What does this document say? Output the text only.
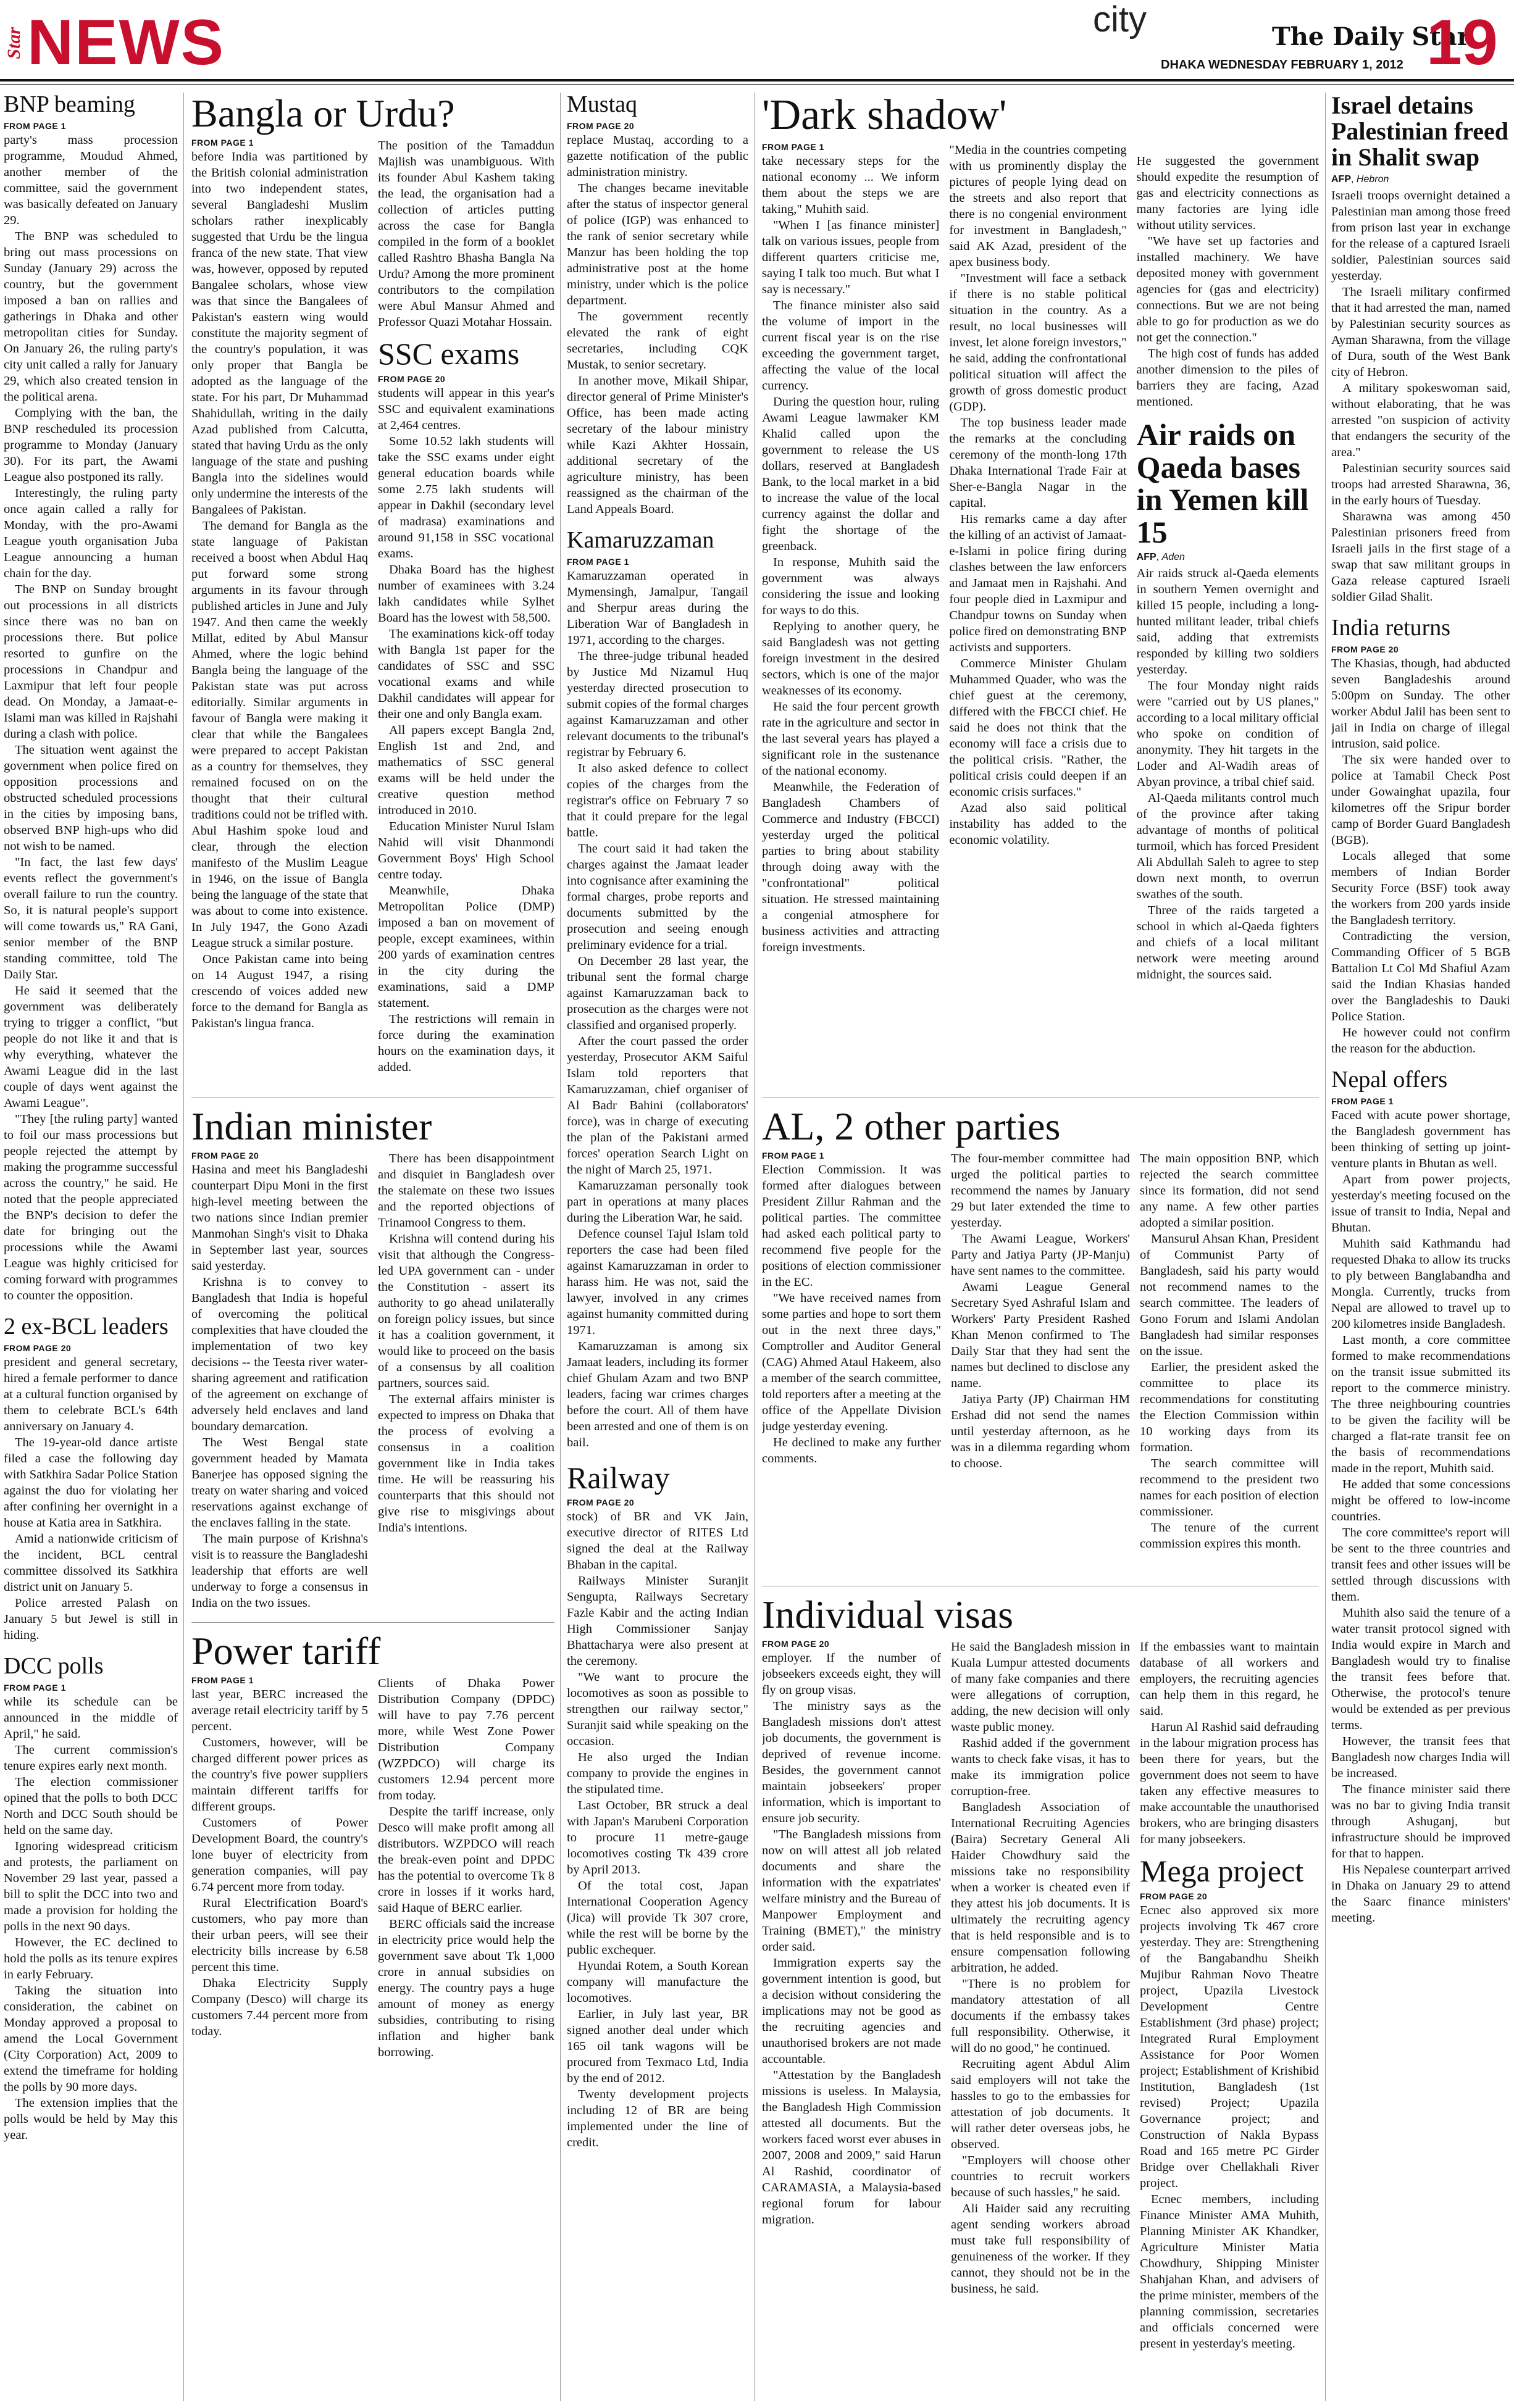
Star NEWS	city	The Daily Star
DHAKA WEDNESDAY FEBRUARY 1, 2012 19
BNP beaming
FROM PAGE 1

party's mass procession programme, Moudud Ahmed, another member of the committee, said the government was basically defeated on January 29.

The BNP was scheduled to bring out mass processions on Sunday (January 29) across the country, but the government imposed a ban on rallies and gatherings in Dhaka and other metropolitan cities for Sunday. On January 26, the ruling party's city unit called a rally for January 29, which also created tension in the political arena.

Complying with the ban, the BNP rescheduled its procession programme to Monday (January 30). For its part, the Awami League also postponed its rally.

Interestingly, the ruling party once again called a rally for Monday, with the pro-Awami League youth organisation Juba League announcing a human chain for the day.

The BNP on Sunday brought out processions in all districts since there was no ban on processions there. But police resorted to gunfire on the processions in Chandpur and Laxmipur that left four people dead. On Monday, a Jamaat-e-Islami man was killed in Rajshahi during a clash with police.

The situation went against the government when police fired on opposition processions and obstructed scheduled processions in the cities by imposing bans, observed BNP high-ups who did not wish to be named.

"In fact, the last few days' events reflect the government's overall failure to run the country. So, it is natural people's support will come towards us," RA Gani, senior member of the BNP standing committee, told The Daily Star.

He said it seemed that the government was deliberately trying to trigger a conflict, "but people do not like it and that is why everything, whatever the Awami League did in the last couple of days went against the Awami League".

"They [the ruling party] wanted to foil our mass processions but people rejected the attempt by making the programme successful across the country," he said. He noted that the people appreciated the BNP's decision to defer the date for bringing out the processions while the Awami League was highly criticised for coming forward with programmes to counter the opposition.

2 ex-BCL leaders
FROM PAGE 20

president and general secretary, hired a female performer to dance at a cultural function organised by them to celebrate BCL's 64th anniversary on January 4.

The 19-year-old dance artiste filed a case the following day with Satkhira Sadar Police Station against the duo for violating her after confining her overnight in a house at Katia area in Satkhira.

Amid a nationwide criticism of the incident, BCL central committee dissolved its Satkhira district unit on January 5.

Police arrested Palash on January 5 but Jewel is still in hiding.

DCC polls
FROM PAGE 1

while its schedule can be announced in the middle of April," he said.

The current commission's tenure expires early next month.

The election commissioner opined that the polls to both DCC North and DCC South should be held on the same day.

Ignoring widespread criticism and protests, the parliament on November 29 last year, passed a bill to split the DCC into two and made a provision for holding the polls in the next 90 days.

However, the EC declined to hold the polls as its tenure expires in early February.

Taking the situation into consideration, the cabinet on Monday approved a proposal to amend the Local Government (City Corporation) Act, 2009 to extend the timeframe for holding the polls by 90 more days.

The extension implies that the polls would be held by May this year.

Bangla or Urdu?
FROM PAGE 1

before India was partitioned by the British colonial administration into two independent states, several Bangladeshi Muslim scholars rather inexplicably suggested that Urdu be the lingua franca of the new state. That view was, however, opposed by reputed Bangalee scholars, whose view was that since the Bangalees of Pakistan's eastern wing would constitute the majority segment of the country's population, it was only proper that Bangla be adopted as the language of the state. For his part, Dr Muhammad Shahidullah, writing in the daily Azad published from Calcutta, stated that having Urdu as the only language of the state and pushing Bangla into the sidelines would only undermine the interests of the Bangalees of Pakistan.

The demand for Bangla as the state language of Pakistan received a boost when Abdul Haq put forward some strong arguments in its favour through published articles in June and July 1947. And then came the weekly Millat, edited by Abul Mansur Ahmed, where the logic behind Bangla being the language of the Pakistan state was put across editorially. Similar arguments in favour of Bangla were making it clear that while the Bangalees were prepared to accept Pakistan as a country for themselves, they remained focused on on the thought that their cultural traditions could not be trifled with. Abul Hashim spoke loud and clear, through the election manifesto of the Muslim League in 1946, on the issue of Bangla being the language of the state that was about to come into existence. In July 1947, the Gono Azadi League struck a similar posture.

Once Pakistan came into being on 14 August 1947, a rising crescendo of voices added new force to the demand for Bangla as Pakistan's lingua franca.

The position of the Tamaddun Majlish was unambiguous. With its founder Abul Kashem taking the lead, the organisation had a collection of articles putting across the case for Bangla compiled in the form of a booklet called Rashtro Bhasha Bangla Na Urdu? Among the more prominent contributors to the compilation were Abul Mansur Ahmed and Professor Quazi Motahar Hossain.

SSC exams
FROM PAGE 20

students will appear in this year's SSC and equivalent examinations at 2,464 centres.

Some 10.52 lakh students will take the SSC exams under eight general education boards while some 2.75 lakh students will appear in Dakhil (secondary level of madrasa) examinations and around 91,158 in SSC vocational exams.

Dhaka Board has the highest number of examinees with 3.24 lakh candidates while Sylhet Board has the lowest with 58,500.

The examinations kick-off today with Bangla 1st paper for the candidates of SSC and SSC vocational exams and while Dakhil candidates will appear for their one and only Bangla exam.

All papers except Bangla 2nd, English 1st and 2nd, and mathematics of SSC general exams will be held under the creative question method introduced in 2010.

Education Minister Nurul Islam Nahid will visit Dhanmondi Government Boys' High School centre today.

Meanwhile, Dhaka Metropolitan Police (DMP) imposed a ban on movement of people, except examinees, within 200 yards of examination centres in the city during the examinations, said a DMP statement.

The restrictions will remain in force during the examination hours on the examination days, it added.

Indian minister
FROM PAGE 20

Hasina and meet his Bangladeshi counterpart Dipu Moni in the first high-level meeting between the two nations since Indian premier Manmohan Singh's visit to Dhaka in September last year, sources said yesterday.

Krishna is to convey to Bangladesh that India is hopeful of overcoming the political complexities that have clouded the implementation of two key decisions -- the Teesta river water-sharing agreement and ratification of the agreement on exchange of adversely held enclaves and land boundary demarcation.

The West Bengal state government headed by Mamata Banerjee has opposed signing the treaty on water sharing and voiced reservations against exchange of the enclaves falling in the state.

The main purpose of Krishna's visit is to reassure the Bangladeshi leadership that efforts are well underway to forge a consensus in India on the two issues.

There has been disappointment and disquiet in Bangladesh over the stalemate on these two issues and the reported objections of Trinamool Congress to them.

Krishna will contend during his visit that although the Congress-led UPA government can - under the Constitution - assert its authority to go ahead unilaterally on foreign policy issues, but since it has a coalition government, it would like to proceed on the basis of a consensus by all coalition partners, sources said.

The external affairs minister is expected to impress on Dhaka that the process of evolving a consensus in a coalition government like in India takes time. He will be reassuring his counterparts that this should not give rise to misgivings about India's intentions.

Power tariff
FROM PAGE 1

last year, BERC increased the average retail electricity tariff by 5 percent.

Customers, however, will be charged different power prices as the country's five power suppliers maintain different tariffs for different groups.

Customers of Power Development Board, the country's lone buyer of electricity from generation companies, will pay 6.74 percent more from today.

Rural Electrification Board's customers, who pay more than their urban peers, will see their electricity bills increase by 6.58 percent this time.

Dhaka Electricity Supply Company (Desco) will charge its customers 7.44 percent more from today.

Clients of Dhaka Power Distribution Company (DPDC) will have to pay 7.76 percent more, while West Zone Power Distribution Company (WZPDCO) will charge its customers 12.94 percent more from today.

Despite the tariff increase, only Desco will make profit among all distributors. WZPDCO will reach the break-even point and DPDC has the potential to overcome Tk 8 crore in losses if it works hard, said Haque of BERC earlier.

BERC officials said the increase in electricity price would help the government save about Tk 1,000 crore in annual subsidies on energy. The country pays a huge amount of money as energy subsidies, contributing to rising inflation and higher bank borrowing.

Mustaq
FROM PAGE 20

replace Mustaq, according to a gazette notification of the public administration ministry.

The changes became inevitable after the status of inspector general of police (IGP) was enhanced to the rank of senior secretary while Manzur has been holding the top administrative post at the home ministry, under which is the police department.

The government recently elevated the rank of eight secretaries, including CQK Mustak, to senior secretary.

In another move, Mikail Shipar, director general of Prime Minister's Office, has been made acting secretary of the labour ministry while Kazi Akhter Hossain, additional secretary of the agriculture ministry, has been reassigned as the chairman of the Land Appeals Board.

Kamaruzzaman
FROM PAGE 1

Kamaruzzaman operated in Mymensingh, Jamalpur, Tangail and Sherpur areas during the Liberation War of Bangladesh in 1971, according to the charges.

The three-judge tribunal headed by Justice Md Nizamul Huq yesterday directed prosecution to submit copies of the formal charges against Kamaruzzaman and other relevant documents to the tribunal's registrar by February 6.

It also asked defence to collect copies of the charges from the registrar's office on February 7 so that it could prepare for the legal battle.

The court said it had taken the charges against the Jamaat leader into cognisance after examining the formal charges, probe reports and documents submitted by the prosecution and seeing enough preliminary evidence for a trial.

On December 28 last year, the tribunal sent the formal charge against Kamaruzzaman back to prosecution as the charges were not classified and organised properly.

After the court passed the order yesterday, Prosecutor AKM Saiful Islam told reporters that Kamaruzzaman, chief organiser of Al Badr Bahini (collaborators' force), was in charge of executing the plan of the Pakistani armed forces' operation Search Light on the night of March 25, 1971.

Kamaruzzaman personally took part in operations at many places during the Liberation War, he said.

Defence counsel Tajul Islam told reporters the case had been filed against Kamaruzzaman in order to harass him. He was not, said the lawyer, involved in any crimes against humanity committed during 1971.

Kamaruzzaman is among six Jamaat leaders, including its former chief Ghulam Azam and two BNP leaders, facing war crimes charges before the court. All of them have been arrested and one of them is on bail.

Railway
FROM PAGE 20

stock) of BR and VK Jain, executive director of RITES Ltd signed the deal at the Railway Bhaban in the capital.

Railways Minister Suranjit Sengupta, Railways Secretary Fazle Kabir and the acting Indian High Commissioner Sanjay Bhattacharya were also present at the ceremony.

"We want to procure the locomotives as soon as possible to strengthen our railway sector," Suranjit said while speaking on the occasion.

He also urged the Indian company to provide the engines in the stipulated time.

Last October, BR struck a deal with Japan's Marubeni Corporation to procure 11 metre-gauge locomotives costing Tk 439 crore by April 2013.

Of the total cost, Japan International Cooperation Agency (Jica) will provide Tk 307 crore, while the rest will be borne by the public exchequer.

Hyundai Rotem, a South Korean company will manufacture the locomotives.

Earlier, in July last year, BR signed another deal under which 165 oil tank wagons will be procured from Texmaco Ltd, India by the end of 2012.

Twenty development projects including 12 of BR are being implemented under the line of credit.

'Dark shadow'
FROM PAGE 1

take necessary steps for the national economy ... We inform them about the steps we are taking," Muhith said.

"When I [as finance minister] talk on various issues, people from different quarters criticise me, saying I talk too much. But what I say is necessary."

The finance minister also said the volume of import in the current fiscal year is on the rise exceeding the government target, affecting the value of the local currency.

During the question hour, ruling Awami League lawmaker KM Khalid called upon the government to release the US dollars, reserved at Bangladesh Bank, to the local market in a bid to increase the value of the local currency against the dollar and fight the shortage of the greenback.

In response, Muhith said the government was always considering the issue and looking for ways to do this.

Replying to another query, he said Bangladesh was not getting foreign investment in the desired sectors, which is one of the major weaknesses of its economy.

He said the four percent growth rate in the agriculture and sector in the last several years has played a significant role in the sustenance of the national economy.

Meanwhile, the Federation of Bangladesh Chambers of Commerce and Industry (FBCCI) yesterday urged the political parties to bring about stability through doing away with the "confrontational" political situation. He stressed maintaining a congenial atmosphere for business activities and attracting foreign investments.

"Media in the countries competing with us prominently display the pictures of people lying dead on the streets and also report that there is no congenial environment for investment in Bangladesh," said AK Azad, president of the apex business body.

"Investment will face a setback if there is no stable political situation in the country. As a result, no local businesses will invest, let alone foreign investors," he said, adding the confrontational political situation will affect the growth of gross domestic product (GDP).

The top business leader made the remarks at the concluding ceremony of the month-long 17th Dhaka International Trade Fair at Sher-e-Bangla Nagar in the capital.

His remarks came a day after the killing of an activist of Jamaat-e-Islami in police firing during clashes between the law enforcers and Jamaat men in Rajshahi. And four people died in Laxmipur and Chandpur towns on Sunday when police fired on demonstrating BNP activists and supporters.

Commerce Minister Ghulam Muhammed Quader, who was the chief guest at the ceremony, differed with the FBCCI chief. He said he does not think that the economy will face a crisis due to the political crisis. "Rather, the political crisis could deepen if an economic crisis surfaces."

Azad also said political instability has added to the economic volatility.

He suggested the government should expedite the resumption of gas and electricity connections as many factories are lying idle without utility services.

"We have set up factories and installed machinery. We have deposited money with government agencies for (gas and electricity) connections. But we are not being able to go for production as we do not get the connection."

The high cost of funds has added another dimension to the piles of barriers they are facing, Azad mentioned.

Air raids on Qaeda bases in Yemen kill 15
AFP, Aden

Air raids struck al-Qaeda elements in southern Yemen overnight and killed 15 people, including a long-hunted militant leader, tribal chiefs said, adding that extremists responded by killing two soldiers yesterday.

The four Monday night raids were "carried out by US planes," according to a local military official who spoke on condition of anonymity. They hit targets in the Loder and Al-Wadih areas of Abyan province, a tribal chief said.

Al-Qaeda militants control much of the province after taking advantage of months of political turmoil, which has forced President Ali Abdullah Saleh to agree to step down next month, to overrun swathes of the south.

Three of the raids targeted a school in which al-Qaeda fighters and chiefs of a local militant network were meeting around midnight, the sources said.

AL, 2 other parties
FROM PAGE 1

Election Commission. It was formed after dialogues between President Zillur Rahman and the political parties. The committee had asked each political party to recommend five people for the positions of election commissioner in the EC.

"We have received names from some parties and hope to sort them out in the next three days," Comptroller and Auditor General (CAG) Ahmed Ataul Hakeem, also a member of the search committee, told reporters after a meeting at the office of the Appellate Division judge yesterday evening.

He declined to make any further comments.

The four-member committee had urged the political parties to recommend the names by January 29 but later extended the time to yesterday.

The Awami League, Workers' Party and Jatiya Party (JP-Manju) have sent names to the committee.

Awami League General Secretary Syed Ashraful Islam and Workers' Party President Rashed Khan Menon confirmed to The Daily Star that they had sent the names but declined to disclose any name.

Jatiya Party (JP) Chairman HM Ershad did not send the names until yesterday afternoon, as he was in a dilemma regarding whom to choose.

The main opposition BNP, which rejected the search committee since its formation, did not send any name. A few other parties adopted a similar position.

Mansurul Ahsan Khan, President of Communist Party of Bangladesh, said his party would not recommend names to the search committee. The leaders of Gono Forum and Islami Andolan Bangladesh had similar responses on the issue.

Earlier, the president asked the committee to place its recommendations for constituting the Election Commission within 10 working days from its formation.

The search committee will recommend to the president two names for each position of election commissioner.

The tenure of the current commission expires this month.

Individual visas
FROM PAGE 20

employer. If the number of jobseekers exceeds eight, they will fly on group visas.

The ministry says as the Bangladesh missions don't attest job documents, the government is deprived of revenue income. Besides, the government cannot maintain jobseekers' proper information, which is important to ensure job security.

"The Bangladesh missions from now on will attest all job related documents and share the information with the expatriates' welfare ministry and the Bureau of Manpower Employment and Training (BMET)," the ministry order said.

Immigration experts say the government intention is good, but a decision without considering the implications may not be good as the recruiting agencies and unauthorised brokers are not made accountable.

"Attestation by the Bangladesh missions is useless. In Malaysia, the Bangladesh High Commission attested all documents. But the workers faced worst ever abuses in 2007, 2008 and 2009," said Harun Al Rashid, coordinator of CARAMASIA, a Malaysia-based regional forum for labour migration.

He said the Bangladesh mission in Kuala Lumpur attested documents of many fake companies and there were allegations of corruption, adding, the new decision will only waste public money.

Rashid added if the government wants to check fake visas, it has to make its immigration police corruption-free.

Bangladesh Association of International Recruiting Agencies (Baira) Secretary General Ali Haider Chowdhury said the missions take no responsibility when a worker is cheated even if they attest his job documents. It is ultimately the recruiting agency that is held responsible and is to ensure compensation following arbitration, he added.

"There is no problem for mandatory attestation of all documents if the embassy takes full responsibility. Otherwise, it will do no good," he continued.

Recruiting agent Abdul Alim said employers will not take the hassles to go to the embassies for attestation of job documents. It will rather deter overseas jobs, he observed.

"Employers will choose other countries to recruit workers because of such hassles," he said.

Ali Haider said any recruiting agent sending workers abroad must take full responsibility of genuineness of the worker. If they cannot, they should not be in the business, he said.

If the embassies want to maintain database of all workers and employers, the recruiting agencies can help them in this regard, he said.

Harun Al Rashid said defrauding in the labour migration process has been there for years, but the government does not seem to have taken any effective measures to make accountable the unauthorised brokers, who are bringing disasters for many jobseekers.

Mega project
FROM PAGE 20

Ecnec also approved six more projects involving Tk 467 crore yesterday. They are: Strengthening of the Bangabandhu Sheikh Mujibur Rahman Novo Theatre project, Upazila Livestock Development Centre Establishment (3rd phase) project; Integrated Rural Employment Assistance for Poor Women project; Establishment of Krishibid Institution, Bangladesh (1st revised) Project; Upazila Governance project; and Construction of Nakla Bypass Road and 165 metre PC Girder Bridge over Chellakhali River project.

Ecnec members, including Finance Minister AMA Muhith, Planning Minister AK Khandker, Agriculture Minister Matia Chowdhury, Shipping Minister Shahjahan Khan, and advisers of the prime minister, members of the planning commission, secretaries and officials concerned were present in yesterday's meeting.

Israel detains Palestinian freed in Shalit swap
AFP, Hebron

Israeli troops overnight detained a Palestinian man among those freed from prison last year in exchange for the release of a captured Israeli soldier, Palestinian sources said yesterday.

The Israeli military confirmed that it had arrested the man, named by Palestinian security sources as Ayman Sharawna, from the village of Dura, south of the West Bank city of Hebron.

A military spokeswoman said, without elaborating, that he was arrested "on suspicion of activity that endangers the security of the area."

Palestinian security sources said troops had arrested Sharawna, 36, in the early hours of Tuesday.

Sharawna was among 450 Palestinian prisoners freed from Israeli jails in the first stage of a swap that saw militant groups in Gaza release captured Israeli soldier Gilad Shalit.

India returns
FROM PAGE 20

The Khasias, though, had abducted seven Bangladeshis around 5:00pm on Sunday. The other worker Abdul Jalil has been sent to jail in India on charge of illegal intrusion, said police.

The six were handed over to police at Tamabil Check Post under Gowainghat upazila, four kilometres off the Sripur border camp of Border Guard Bangladesh (BGB).

Locals alleged that some members of Indian Border Security Force (BSF) took away the workers from 200 yards inside the Bangladesh territory.

Contradicting the version, Commanding Officer of 5 BGB Battalion Lt Col Md Shafiul Azam said the Indian Khasias handed over the Bangladeshis to Dauki Police Station.

He however could not confirm the reason for the abduction.

Nepal offers
FROM PAGE 1

Faced with acute power shortage, the Bangladesh government has been thinking of setting up joint-venture plants in Bhutan as well.

Apart from power projects, yesterday's meeting focused on the issue of transit to India, Nepal and Bhutan.

Muhith said Kathmandu had requested Dhaka to allow its trucks to ply between Banglabandha and Mongla. Currently, trucks from Nepal are allowed to travel up to 200 kilometres inside Bangladesh.

Last month, a core committee formed to make recommendations on the transit issue submitted its report to the commerce ministry. The three neighbouring countries to be given the facility will be charged a flat-rate transit fee on the basis of recommendations made in the report, Muhith said.

He added that some concessions might be offered to low-income countries.

The core committee's report will be sent to the three countries and transit fees and other issues will be settled through discussions with them.

Muhith also said the tenure of a water transit protocol signed with India would expire in March and Bangladesh would try to finalise the transit fees before that. Otherwise, the protocol's tenure would be extended as per previous terms.

However, the transit fees that Bangladesh now charges India will be increased.

The finance minister said there was no bar to giving India transit through Ashuganj, but infrastructure should be improved for that to happen.

His Nepalese counterpart arrived in Dhaka on January 29 to attend the Saarc finance ministers' meeting.
